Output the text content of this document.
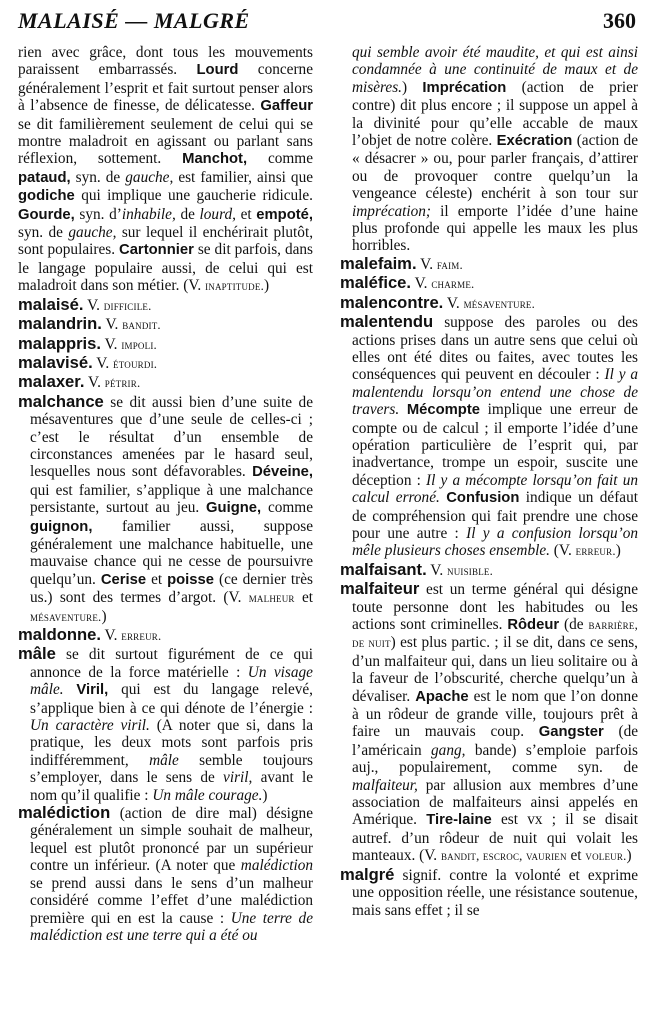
MALAISÉ — MALGRÉ	360

rien avec grâce, dont tous les mouvements paraissent embarrassés. Lourd concerne généralement l’esprit et fait surtout penser alors à l’absence de finesse, de délicatesse. Gaffeur se dit familièrement seulement de celui qui se montre maladroit en agissant ou parlant sans réflexion, sottement. Manchot, comme pataud, syn. de gauche, est familier, ainsi que godiche qui implique une gaucherie ridicule. Gourde, syn. d’inhabile, de lourd, et empoté, syn. de gauche, sur lequel il enchérirait plutôt, sont populaires. Cartonnier se dit parfois, dans le langage populaire aussi, de celui qui est maladroit dans son métier. (V. inaptitude.)

malaisé. V. difficile.

malandrin. V. bandit.

malappris. V. impoli.

malavisé. V. étourdi.

malaxer. V. pétrir.

malchance se dit aussi bien d’une suite de mésaventures que d’une seule de celles-ci ; c’est le résultat d’un ensemble de circonstances amenées par le hasard seul, lesquelles nous sont défavorables. Déveine, qui est familier, s’applique à une malchance persistante, surtout au jeu. Guigne, comme guignon, familier aussi, suppose généralement une malchance habituelle, une mauvaise chance qui ne cesse de poursuivre quelqu’un. Cerise et poisse (ce dernier très us.) sont des termes d’argot. (V. malheur et mésaventure.)

maldonne. V. erreur.

mâle se dit surtout figurément de ce qui annonce de la force matérielle : Un visage mâle. Viril, qui est du langage relevé, s’applique bien à ce qui dénote de l’énergie : Un caractère viril. (A noter que si, dans la pratique, les deux mots sont parfois pris indifféremment, mâle semble toujours s’employer, dans le sens de viril, avant le nom qu’il qualifie : Un mâle courage.)

malédiction (action de dire mal) désigne généralement un simple souhait de malheur, lequel est plutôt prononcé par un supérieur contre un inférieur. (A noter que malédiction se prend aussi dans le sens d’un malheur considéré comme l’effet d’une malédiction première qui en est la cause : Une terre de malédiction est une terre qui a été ou

qui semble avoir été maudite, et qui est ainsi condamnée à une continuité de maux et de misères.) Imprécation (action de prier contre) dit plus encore ; il suppose un appel à la divinité pour qu’elle accable de maux l’objet de notre colère. Exécration (action de « désacrer » ou, pour parler français, d’attirer ou de provoquer contre quelqu’un la vengeance céleste) enchérit à son tour sur imprécation; il emporte l’idée d’une haine plus profonde qui appelle les maux les plus horribles.

malefaim. V. faim.

maléfice. V. charme.

malencontre. V. mésaventure.

malentendu suppose des paroles ou des actions prises dans un autre sens que celui où elles ont été dites ou faites, avec toutes les conséquences qui peuvent en découler : Il y a malentendu lorsqu’on entend une chose de travers. Mécompte implique une erreur de compte ou de calcul ; il emporte l’idée d’une opération particulière de l’esprit qui, par inadvertance, trompe un espoir, suscite une déception : Il y a mécompte lorsqu’on fait un calcul erroné. Confusion indique un défaut de compréhension qui fait prendre une chose pour une autre : Il y a confusion lorsqu’on mêle plusieurs choses ensemble. (V. erreur.)

malfaisant. V. nuisible.

malfaiteur est un terme général qui désigne toute personne dont les habitudes ou les actions sont criminelles. Rôdeur (de barrière, de nuit) est plus partic. ; il se dit, dans ce sens, d’un malfaiteur qui, dans un lieu solitaire ou à la faveur de l’obscurité, cherche quelqu’un à dévaliser. Apache est le nom que l’on donne à un rôdeur de grande ville, toujours prêt à faire un mauvais coup. Gangster (de l’américain gang, bande) s’emploie parfois auj., populairement, comme syn. de malfaiteur, par allusion aux membres d’une association de malfaiteurs ainsi appelés en Amérique. Tire-laine est vx ; il se disait autref. d’un rôdeur de nuit qui volait les manteaux. (V. bandit, escroc, vaurien et voleur.)

malgré signif. contre la volonté et exprime une opposition réelle, une résistance soutenue, mais sans effet ; il se
